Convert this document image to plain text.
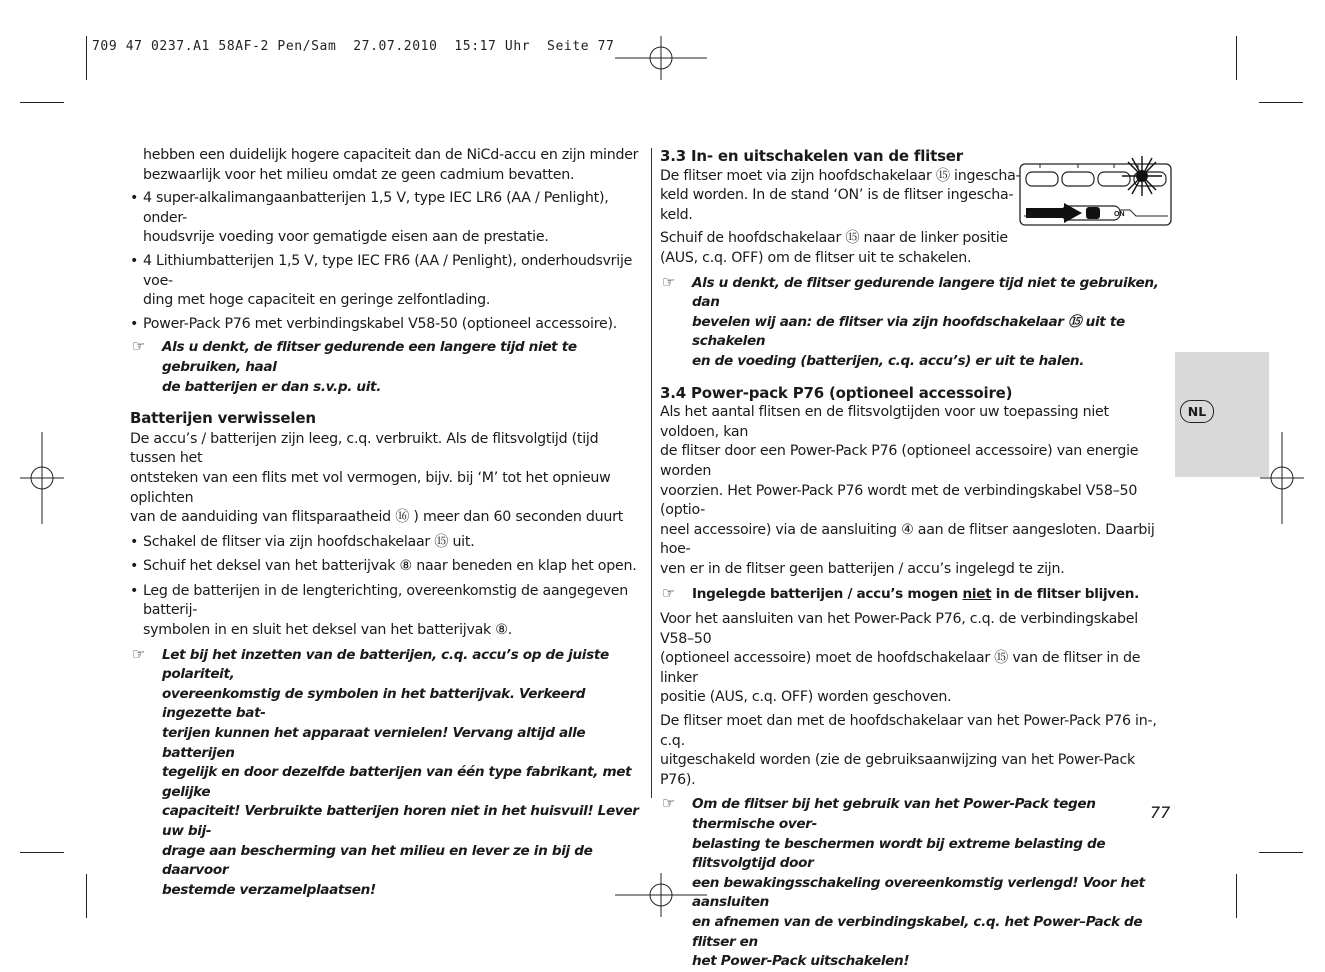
709 47 0237.A1 58AF-2 Pen/Sam  27.07.2010  15:17 Uhr  Seite 77

hebben een duidelijk hogere capaciteit dan de NiCd-accu en zijn minder

bezwaarlijk voor het milieu omdat ze geen cadmium bevatten.

• 4 super-alkalimangaanbatterijen 1,5 V, type IEC LR6 (AA / Penlight), onder-
houdsvrije voeding voor gematigde eisen aan de prestatie.
• 4 Lithiumbatterijen 1,5 V, type IEC FR6 (AA / Penlight), onderhoudsvrije voe-
ding met hoge capaciteit en geringe zelfontlading.
• Power-Pack P76 met verbindingskabel V58-50 (optioneel accessoire).
☞ Als u denkt, de flitser gedurende een langere tijd niet te gebruiken, haal
de batterijen er dan s.v.p. uit.
Batterijen verwisselen

De accu’s / batterijen zijn leeg, c.q. verbruikt. Als de flitsvolgtijd (tijd tussen het

ontsteken van een flits met vol vermogen, bijv. bij ‘M’ tot het opnieuw oplichten

van de aanduiding van flitsparaatheid ⑯ ) meer dan 60 seconden duurt

• Schakel de flitser via zijn hoofdschakelaar ⑮ uit.
• Schuif het deksel van het batterijvak ⑧ naar beneden en klap het open.
• Leg de batterijen in de lengterichting, overeenkomstig de aangegeven batterij-
symbolen in en sluit het deksel van het batterijvak ⑧.
☞ Let bij het inzetten van de batterijen, c.q. accu’s op de juiste polariteit,
overeenkomstig de symbolen in het batterijvak. Verkeerd ingezette bat-
terijen kunnen het apparaat vernielen! Vervang altijd alle batterijen
tegelijk en door dezelfde batterijen van één type fabrikant, met gelijke
capaciteit! Verbruikte batterijen horen niet in het huisvuil! Lever uw bij-
drage aan bescherming van het milieu en lever ze in bij de daarvoor
bestemde verzamelplaatsen!
3.3 In- en uitschakelen van de flitser

De flitser moet via zijn hoofdschakelaar ⑮ ingescha-

keld worden. In de stand ‘ON’ is de flitser ingescha-

keld.

Schuif de hoofdschakelaar ⑮ naar de linker positie

(AUS, c.q. OFF) om de flitser uit te schakelen.

☞ Als u denkt, de flitser gedurende langere tijd niet te gebruiken, dan
bevelen wij aan: de flitser via zijn hoofdschakelaar ⑮ uit te schakelen
en de voeding (batterijen, c.q. accu’s) er uit te halen.
3.4 Power-pack P76 (optioneel accessoire)

Als het aantal flitsen en de flitsvolgtijden voor uw toepassing niet voldoen, kan

de flitser door een Power-Pack P76 (optioneel accessoire) van energie worden

voorzien. Het Power-Pack P76 wordt met de verbindingskabel V58–50 (optio-

neel accessoire) via de aansluiting ④ aan de flitser aangesloten. Daarbij hoe-

ven er in de flitser geen batterijen / accu’s ingelegd te zijn.

☞ Ingelegde batterijen / accu’s mogen niet in de flitser blijven.

Voor het aansluiten van het Power-Pack P76, c.q. de verbindingskabel V58–50

(optioneel accessoire) moet de hoofdschakelaar ⑮ van de flitser in de linker

positie (AUS, c.q. OFF) worden geschoven.

De flitser moet dan met de hoofdschakelaar van het Power-Pack P76 in-, c.q.

uitgeschakeld worden (zie de gebruiksaanwijzing van het Power-Pack P76).

☞ Om de flitser bij het gebruik van het Power-Pack tegen thermische over-
belasting te beschermen wordt bij extreme belasting de flitsvolgtijd door
een bewakingsschakeling overeenkomstig verlengd! Voor het aansluiten
en afnemen van de verbindingskabel, c.q. het Power–Pack de flitser en
het Power-Pack uitschakelen!
ON
NL
77
